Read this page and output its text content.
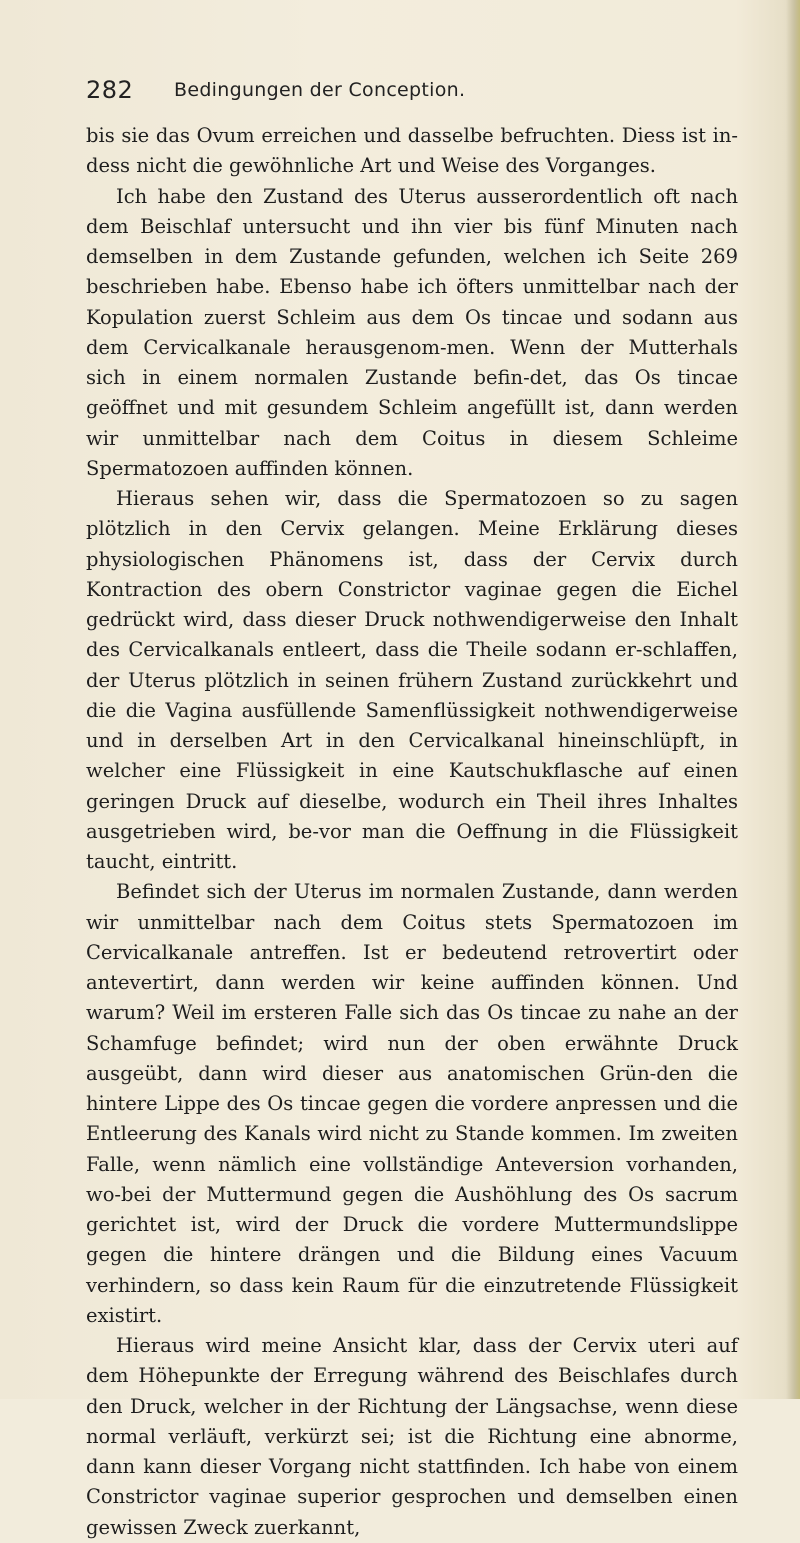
282 Bedingungen der Conception.

bis sie das Ovum erreichen und dasselbe befruchten. Diess ist in-dess nicht die gewöhnliche Art und Weise des Vorganges.

Ich habe den Zustand des Uterus ausserordentlich oft nach dem Beischlaf untersucht und ihn vier bis fünf Minuten nach demselben in dem Zustande gefunden, welchen ich Seite 269 beschrieben habe. Ebenso habe ich öfters unmittelbar nach der Kopulation zuerst Schleim aus dem Os tincae und sodann aus dem Cervicalkanale herausgenom-men. Wenn der Mutterhals sich in einem normalen Zustande befin-det, das Os tincae geöffnet und mit gesundem Schleim angefüllt ist, dann werden wir unmittelbar nach dem Coitus in diesem Schleime Spermatozoen auffinden können.

Hieraus sehen wir, dass die Spermatozoen so zu sagen plötzlich in den Cervix gelangen. Meine Erklärung dieses physiologischen Phänomens ist, dass der Cervix durch Kontraction des obern Constrictor vaginae gegen die Eichel gedrückt wird, dass dieser Druck nothwendigerweise den Inhalt des Cervicalkanals entleert, dass die Theile sodann er-schlaffen, der Uterus plötzlich in seinen frühern Zustand zurückkehrt und die die Vagina ausfüllende Samenflüssigkeit nothwendigerweise und in derselben Art in den Cervicalkanal hineinschlüpft, in welcher eine Flüssigkeit in eine Kautschukflasche auf einen geringen Druck auf dieselbe, wodurch ein Theil ihres Inhaltes ausgetrieben wird, be-vor man die Oeffnung in die Flüssigkeit taucht, eintritt.

Befindet sich der Uterus im normalen Zustande, dann werden wir unmittelbar nach dem Coitus stets Spermatozoen im Cervicalkanale antreffen. Ist er bedeutend retrovertirt oder antevertirt, dann werden wir keine auffinden können. Und warum? Weil im ersteren Falle sich das Os tincae zu nahe an der Schamfuge befindet; wird nun der oben erwähnte Druck ausgeübt, dann wird dieser aus anatomischen Grün-den die hintere Lippe des Os tincae gegen die vordere anpressen und die Entleerung des Kanals wird nicht zu Stande kommen. Im zweiten Falle, wenn nämlich eine vollständige Anteversion vorhanden, wo-bei der Muttermund gegen die Aushöhlung des Os sacrum gerichtet ist, wird der Druck die vordere Muttermundslippe gegen die hintere drängen und die Bildung eines Vacuum verhindern, so dass kein Raum für die einzutretende Flüssigkeit existirt.

Hieraus wird meine Ansicht klar, dass der Cervix uteri auf dem Höhepunkte der Erregung während des Beischlafes durch den Druck, welcher in der Richtung der Längsachse, wenn diese normal verläuft, verkürzt sei; ist die Richtung eine abnorme, dann kann dieser Vorgang nicht stattfinden. Ich habe von einem Constrictor vaginae superior gesprochen und demselben einen gewissen Zweck zuerkannt,
